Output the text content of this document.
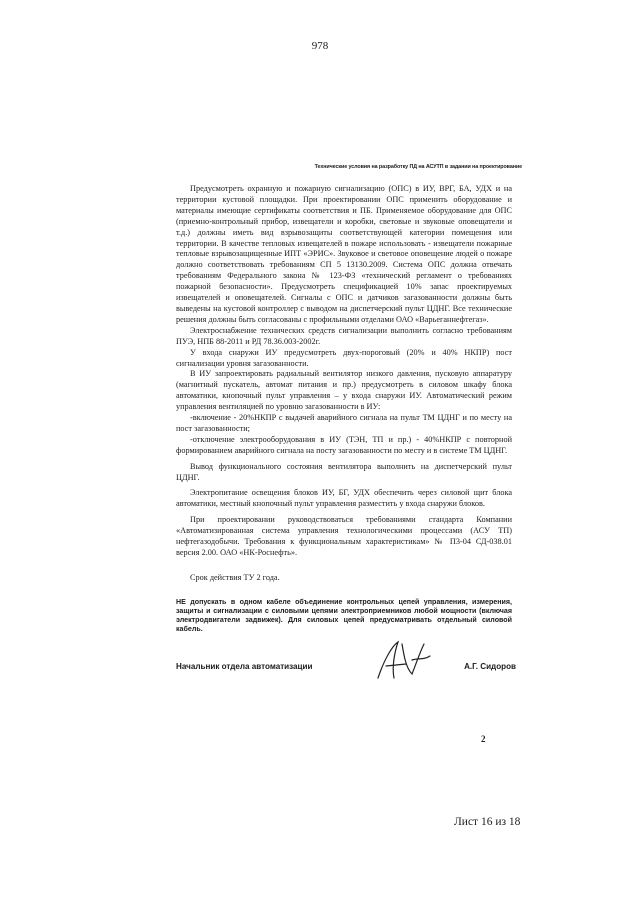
978
Технические условия на разработку ПД на АСУТП в задании на проектирование

Предусмотреть охранную и пожарную сигнализацию (ОПС) в ИУ, ВРГ, БА, УДХ и на территории кустовой площадки. При проектировании ОПС применить оборудование и материалы имеющие сертификаты соответствия и ПБ. Применяемое оборудование для ОПС (приемно-контрольный прибор, извещатели и коробки, световые и звуковые оповещатели и т.д.) должны иметь вид взрывозащиты соответствующей категории помещения или территории. В качестве тепловых извещателей в пожаре использовать - извещатели пожарные тепловые взрывозащищенные ИПТ «ЭРИС». Звуковое и световое оповещение людей о пожаре должно соответствовать требованиям СП 5 13130.2009. Система ОПС должна отвечать требованиям Федерального закона № 123-ФЗ «технический регламент о требованиях пожарной безопасности». Предусмотреть спецификацией 10% запас проектируемых извещателей и оповещателей. Сигналы с ОПС и датчиков загазованности должны быть выведены на кустовой контроллер с выводом на диспетчерский пульт ЦДНГ. Все технические решения должны быть согласованы с профильными отделами ОАО «Варьеганнефтегаз».

Электроснабжение технических средств сигнализации выполнить согласно требованиям ПУЭ, НПБ 88-2011 и РД 78.36.003-2002г.

У входа снаружи ИУ предусмотреть двух-пороговый (20% и 40% НКПР) пост сигнализации уровня загазованности.

В ИУ запроектировать радиальный вентилятор низкого давления, пусковую аппаратуру (магнитный пускатель, автомат питания и пр.) предусмотреть в силовом шкафу блока автоматики, кнопочный пульт управления – у входа снаружи ИУ. Автоматический режим управления вентиляцией по уровню загазованности в ИУ:

-включение - 20%НКПР с выдачей аварийного сигнала на пульт ТМ ЦДНГ и по месту на пост загазованности;

-отключение электрооборудования в ИУ (ТЭН, ТП и пр.) - 40%НКПР с повторной формированием аварийного сигнала на посту загазованности по месту и в системе ТМ ЦДНГ.

Вывод функционального состояния вентилятора выполнить на диспетчерский пульт ЦДНГ.

Электропитание освещения блоков ИУ, БГ, УДХ обеспечить через силовой щит блока автоматики, местный кнопочный пульт управления разместить у входа снаружи блоков.

При проектировании руководствоваться требованиями стандарта Компании «Автоматизированная система управления технологическими процессами (АСУ ТП) нефтегазодобычи. Требования к функциональным характеристикам» № П3-04 СД-038.01 версия 2.00. ОАО «НК-Роснефть».

Срок действия ТУ 2 года.

НЕ допускать в одном кабеле объединение контрольных цепей управления, измерения, защиты и сигнализации с силовыми цепями электроприемников любой мощности (включая электродвигатели задвижек). Для силовых цепей предусматривать отдельный силовой кабель.

Начальник отдела автоматизации	А.Г. Сидоров
2
Лист 16 из 18
